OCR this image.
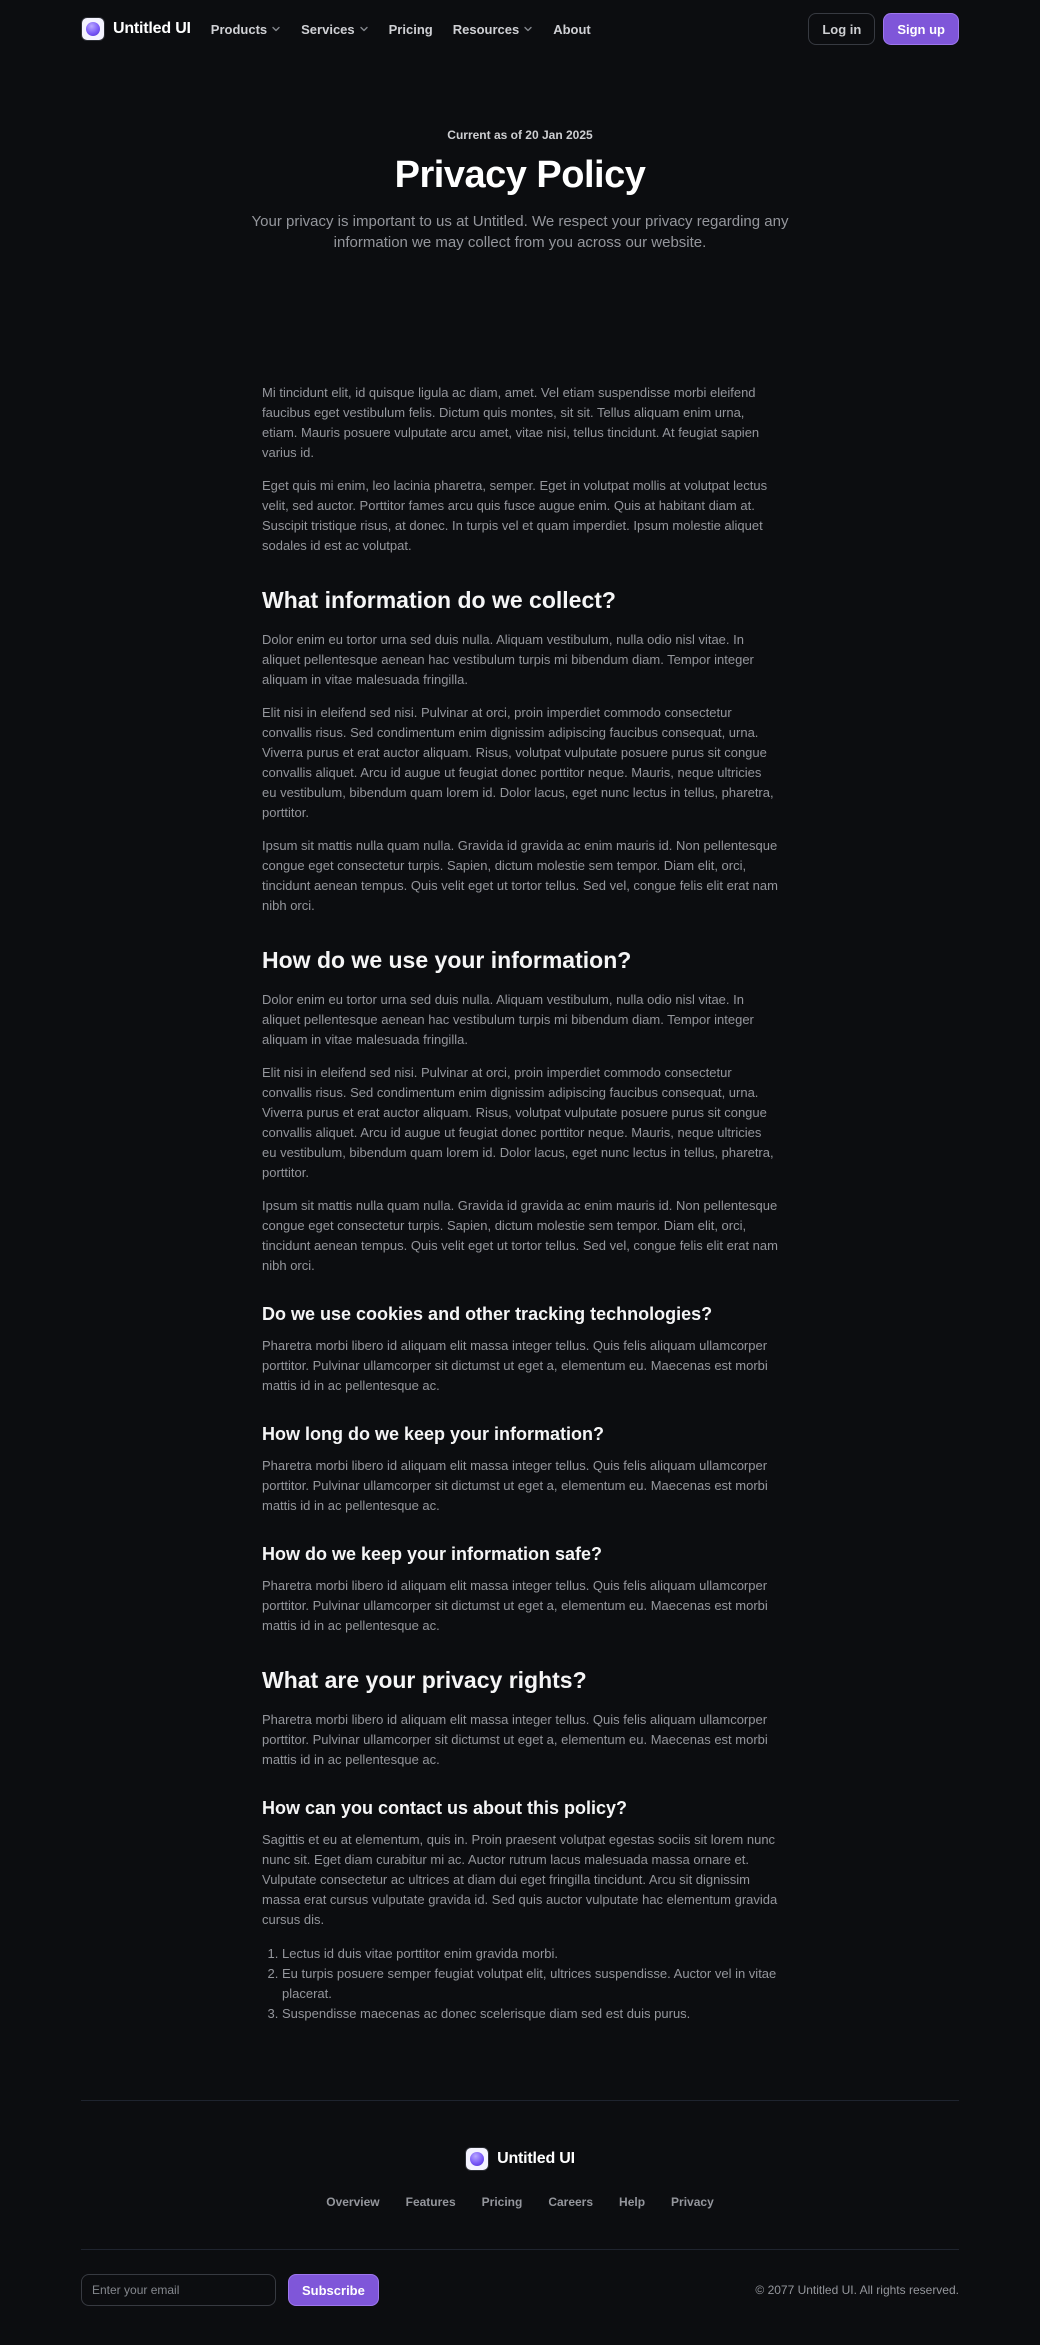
Untitled UI Products	Services	Pricing Resources	About	Log in	Sign up
Current as of 20 Jan 2025
Privacy Policy

Your privacy is important to us at Untitled. We respect your privacy regarding any information we may collect from you across our website.

Mi tincidunt elit, id quisque ligula ac diam, amet. Vel etiam suspendisse morbi eleifend faucibus eget vestibulum felis. Dictum quis montes, sit sit. Tellus aliquam enim urna, etiam. Mauris posuere vulputate arcu amet, vitae nisi, tellus tincidunt. At feugiat sapien varius id.

Eget quis mi enim, leo lacinia pharetra, semper. Eget in volutpat mollis at volutpat lectus velit, sed auctor. Porttitor fames arcu quis fusce augue enim. Quis at habitant diam at. Suscipit tristique risus, at donec. In turpis vel et quam imperdiet. Ipsum molestie aliquet sodales id est ac volutpat.

What information do we collect?

Dolor enim eu tortor urna sed duis nulla. Aliquam vestibulum, nulla odio nisl vitae. In aliquet pellentesque aenean hac vestibulum turpis mi bibendum diam. Tempor integer aliquam in vitae malesuada fringilla.

Elit nisi in eleifend sed nisi. Pulvinar at orci, proin imperdiet commodo consectetur convallis risus. Sed condimentum enim dignissim adipiscing faucibus consequat, urna. Viverra purus et erat auctor aliquam. Risus, volutpat vulputate posuere purus sit congue convallis aliquet. Arcu id augue ut feugiat donec porttitor neque. Mauris, neque ultricies eu vestibulum, bibendum quam lorem id. Dolor lacus, eget nunc lectus in tellus, pharetra, porttitor.

Ipsum sit mattis nulla quam nulla. Gravida id gravida ac enim mauris id. Non pellentesque congue eget consectetur turpis. Sapien, dictum molestie sem tempor. Diam elit, orci, tincidunt aenean tempus. Quis velit eget ut tortor tellus. Sed vel, congue felis elit erat nam nibh orci.

How do we use your information?

Dolor enim eu tortor urna sed duis nulla. Aliquam vestibulum, nulla odio nisl vitae. In aliquet pellentesque aenean hac vestibulum turpis mi bibendum diam. Tempor integer aliquam in vitae malesuada fringilla.

Elit nisi in eleifend sed nisi. Pulvinar at orci, proin imperdiet commodo consectetur convallis risus. Sed condimentum enim dignissim adipiscing faucibus consequat, urna. Viverra purus et erat auctor aliquam. Risus, volutpat vulputate posuere purus sit congue convallis aliquet. Arcu id augue ut feugiat donec porttitor neque. Mauris, neque ultricies eu vestibulum, bibendum quam lorem id. Dolor lacus, eget nunc lectus in tellus, pharetra, porttitor.

Ipsum sit mattis nulla quam nulla. Gravida id gravida ac enim mauris id. Non pellentesque congue eget consectetur turpis. Sapien, dictum molestie sem tempor. Diam elit, orci, tincidunt aenean tempus. Quis velit eget ut tortor tellus. Sed vel, congue felis elit erat nam nibh orci.

Do we use cookies and other tracking technologies?

Pharetra morbi libero id aliquam elit massa integer tellus. Quis felis aliquam ullamcorper porttitor. Pulvinar ullamcorper sit dictumst ut eget a, elementum eu. Maecenas est morbi mattis id in ac pellentesque ac.

How long do we keep your information?

Pharetra morbi libero id aliquam elit massa integer tellus. Quis felis aliquam ullamcorper porttitor. Pulvinar ullamcorper sit dictumst ut eget a, elementum eu. Maecenas est morbi mattis id in ac pellentesque ac.

How do we keep your information safe?

Pharetra morbi libero id aliquam elit massa integer tellus. Quis felis aliquam ullamcorper porttitor. Pulvinar ullamcorper sit dictumst ut eget a, elementum eu. Maecenas est morbi mattis id in ac pellentesque ac.

What are your privacy rights?

Pharetra morbi libero id aliquam elit massa integer tellus. Quis felis aliquam ullamcorper porttitor. Pulvinar ullamcorper sit dictumst ut eget a, elementum eu. Maecenas est morbi mattis id in ac pellentesque ac.

How can you contact us about this policy?

Sagittis et eu at elementum, quis in. Proin praesent volutpat egestas sociis sit lorem nunc nunc sit. Eget diam curabitur mi ac. Auctor rutrum lacus malesuada massa ornare et. Vulputate consectetur ac ultrices at diam dui eget fringilla tincidunt. Arcu sit dignissim massa erat cursus vulputate gravida id. Sed quis auctor vulputate hac elementum gravida cursus dis.

1. Lectus id duis vitae porttitor enim gravida morbi.
2. Eu turpis posuere semper feugiat volutpat elit, ultrices suspendisse. Auctor vel in vitae placerat.
3. Suspendisse maecenas ac donec scelerisque diam sed est duis purus.
Untitled UI
Overview Features Pricing Careers Help Privacy
Enter your email
Subscribe	© 2077 Untitled UI. All rights reserved.
